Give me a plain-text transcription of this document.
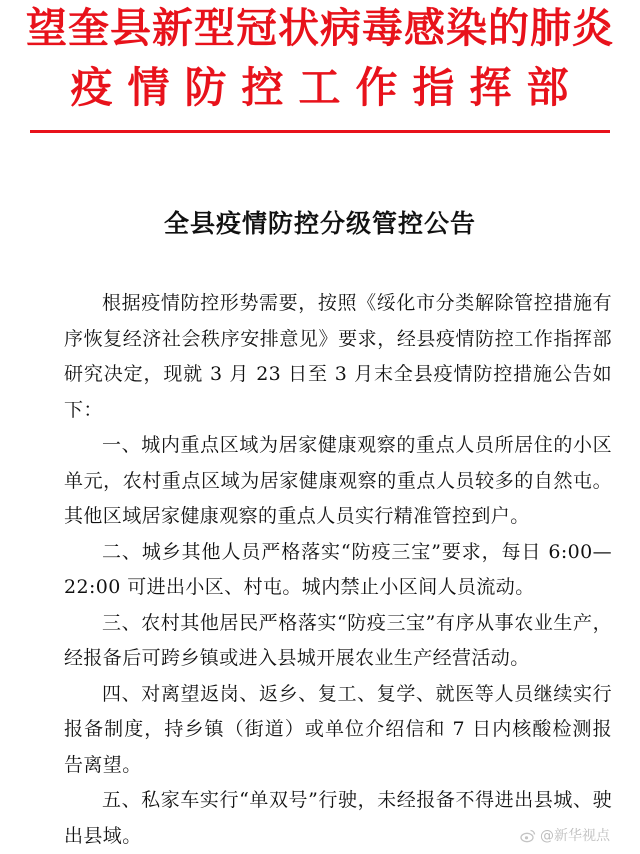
望奎县新型冠状病毒感染的肺炎
疫情防控工作指挥部
全县疫情防控分级管控公告

根据疫情防控形势需要，按照《绥化市分类解除管控措施有序恢复经济社会秩序安排意见》要求，经县疫情防控工作指挥部研究决定，现就 3 月 23 日至 3 月末全县疫情防控措施公告如下：

一、城内重点区域为居家健康观察的重点人员所居住的小区单元，农村重点区域为居家健康观察的重点人员较多的自然屯。其他区域居家健康观察的重点人员实行精准管控到户。

二、城乡其他人员严格落实“防疫三宝”要求，每日 6:00—22:00 可进出小区、村屯。城内禁止小区间人员流动。

三、农村其他居民严格落实“防疫三宝”有序从事农业生产，经报备后可跨乡镇或进入县城开展农业生产经营活动。

四、对离望返岗、返乡、复工、复学、就医等人员继续实行报备制度，持乡镇（街道）或单位介绍信和 7 日内核酸检测报告离望。

五、私家车实行“单双号”行驶，未经报备不得进出县城、驶出县域。	@新华视点
